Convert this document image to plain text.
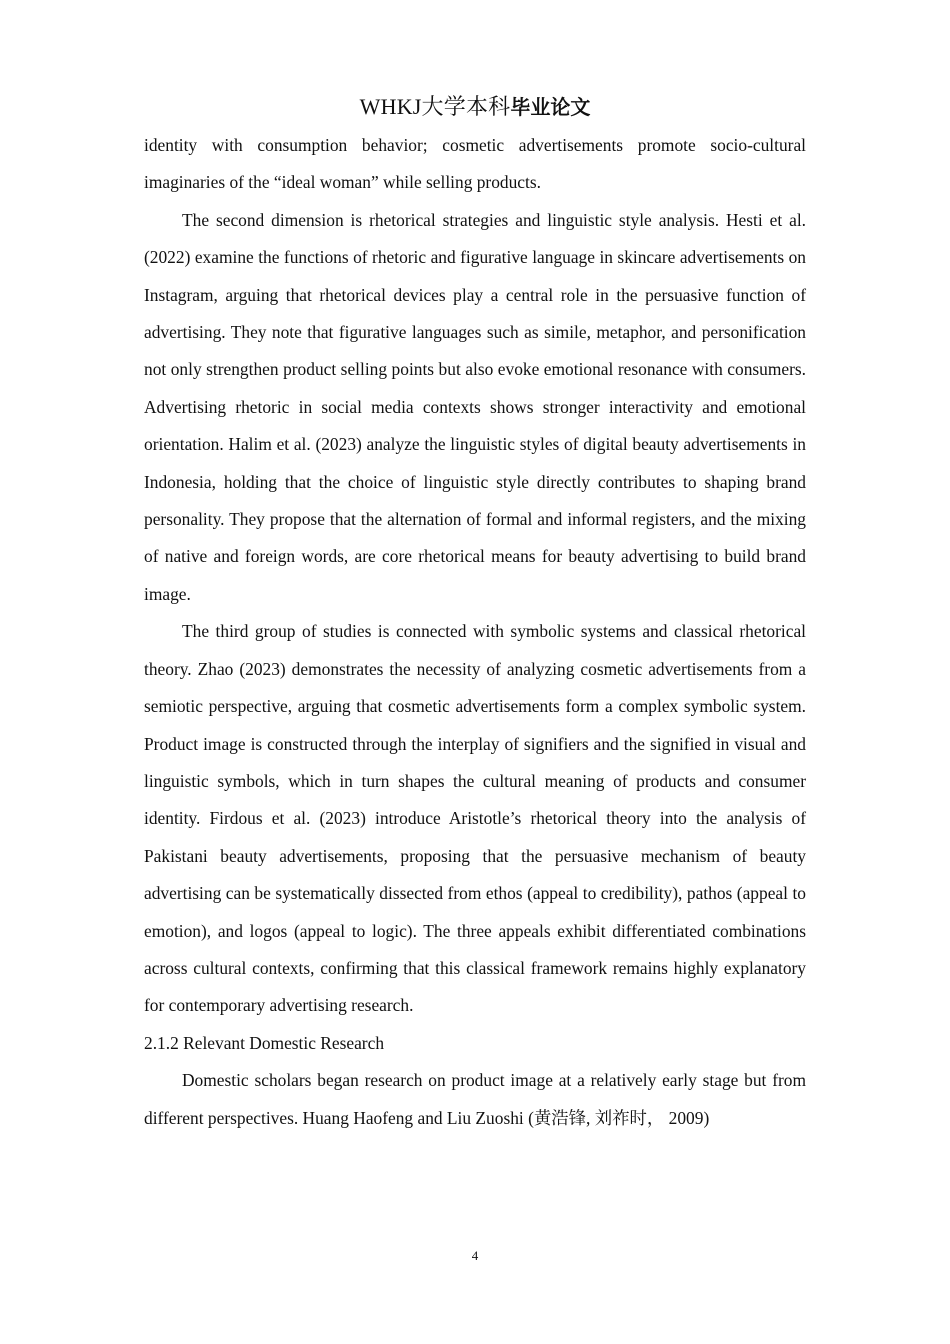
WHKJ大学本科毕业论文

identity with consumption behavior; cosmetic advertisements promote socio-cultural imaginaries of the “ideal woman” while selling products.

The second dimension is rhetorical strategies and linguistic style analysis. Hesti et al. (2022) examine the functions of rhetoric and figurative language in skincare advertisements on Instagram, arguing that rhetorical devices play a central role in the persuasive function of advertising. They note that figurative languages such as simile, metaphor, and personification not only strengthen product selling points but also evoke emotional resonance with consumers. Advertising rhetoric in social media contexts shows stronger interactivity and emotional orientation. Halim et al. (2023) analyze the linguistic styles of digital beauty advertisements in Indonesia, holding that the choice of linguistic style directly contributes to shaping brand personality. They propose that the alternation of formal and informal registers, and the mixing of native and foreign words, are core rhetorical means for beauty advertising to build brand image.

The third group of studies is connected with symbolic systems and classical rhetorical theory. Zhao (2023) demonstrates the necessity of analyzing cosmetic advertisements from a semiotic perspective, arguing that cosmetic advertisements form a complex symbolic system. Product image is constructed through the interplay of signifiers and the signified in visual and linguistic symbols, which in turn shapes the cultural meaning of products and consumer identity. Firdous et al. (2023) introduce Aristotle’s rhetorical theory into the analysis of Pakistani beauty advertisements, proposing that the persuasive mechanism of beauty advertising can be systematically dissected from ethos (appeal to credibility), pathos (appeal to emotion), and logos (appeal to logic). The three appeals exhibit differentiated combinations across cultural contexts, confirming that this classical framework remains highly explanatory for contemporary advertising research.

2.1.2 Relevant Domestic Research

Domestic scholars began research on product image at a relatively early stage but from different perspectives. Huang Haofeng and Liu Zuoshi (黄浩锋, 刘祚时， 2009)

4
